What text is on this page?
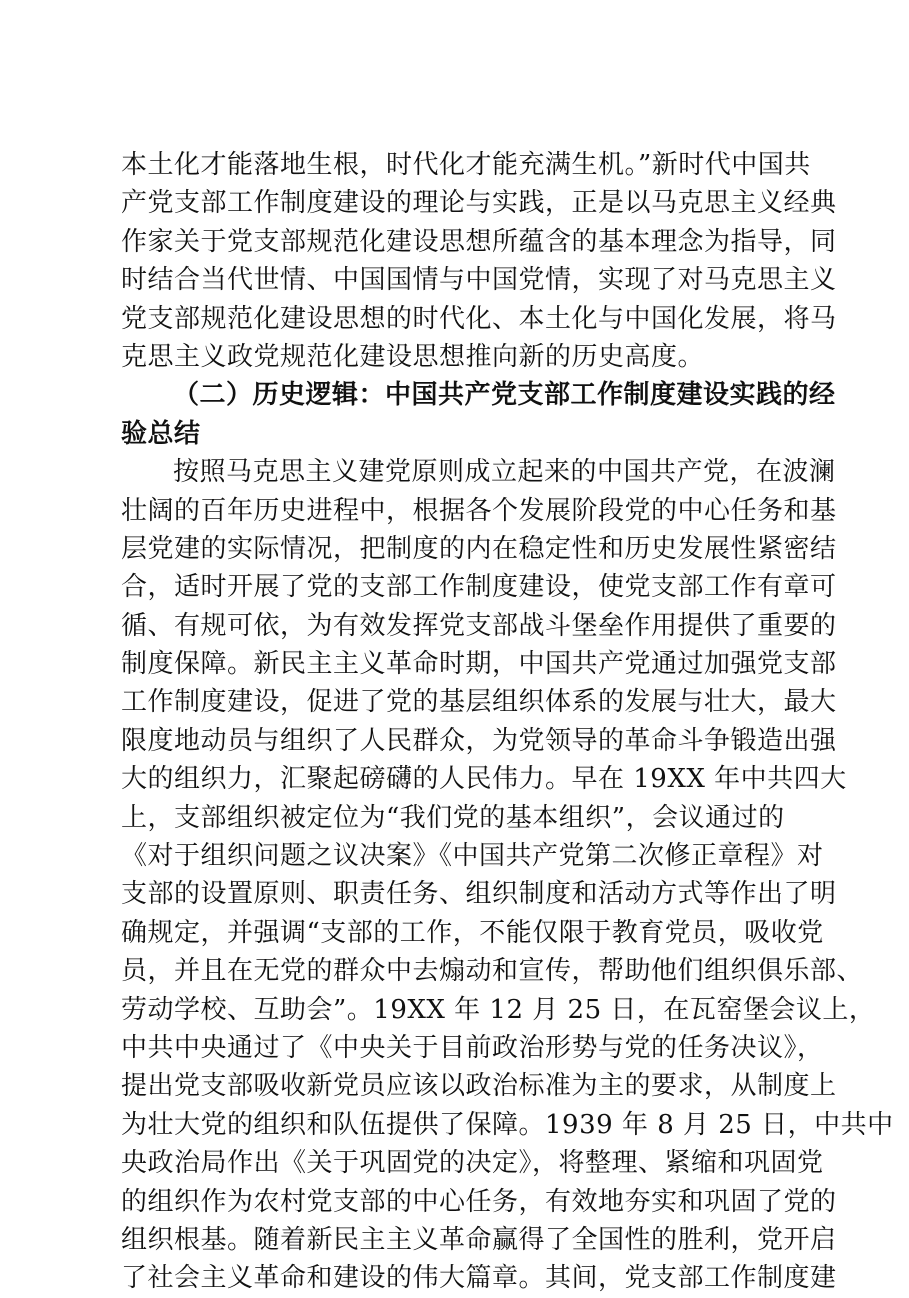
本土化才能落地生根，时代化才能充满生机。”新时代中国共
产党支部工作制度建设的理论与实践，正是以马克思主义经典
作家关于党支部规范化建设思想所蕴含的基本理念为指导，同
时结合当代世情、中国国情与中国党情，实现了对马克思主义
党支部规范化建设思想的时代化、本土化与中国化发展，将马
克思主义政党规范化建设思想推向新的历史高度。
（二）历史逻辑：中国共产党支部工作制度建设实践的经
验总结
按照马克思主义建党原则成立起来的中国共产党，在波澜
壮阔的百年历史进程中，根据各个发展阶段党的中心任务和基
层党建的实际情况，把制度的内在稳定性和历史发展性紧密结
合，适时开展了党的支部工作制度建设，使党支部工作有章可
循、有规可依，为有效发挥党支部战斗堡垒作用提供了重要的
制度保障。新民主主义革命时期，中国共产党通过加强党支部
工作制度建设，促进了党的基层组织体系的发展与壮大，最大
限度地动员与组织了人民群众，为党领导的革命斗争锻造出强
大的组织力，汇聚起磅礴的人民伟力。早在 19XX 年中共四大
上，支部组织被定位为“我们党的基本组织”，会议通过的
《对于组织问题之议决案》《中国共产党第二次修正章程》对
支部的设置原则、职责任务、组织制度和活动方式等作出了明
确规定，并强调“支部的工作，不能仅限于教育党员，吸收党
员，并且在无党的群众中去煽动和宣传，帮助他们组织俱乐部、
劳动学校、互助会”。19XX 年 12 月 25 日，在瓦窑堡会议上，
中共中央通过了《中央关于目前政治形势与党的任务决议》，
提出党支部吸收新党员应该以政治标准为主的要求，从制度上
为壮大党的组织和队伍提供了保障。1939 年 8 月 25 日，中共中
央政治局作出《关于巩固党的决定》，将整理、紧缩和巩固党
的组织作为农村党支部的中心任务，有效地夯实和巩固了党的
组织根基。随着新民主主义革命赢得了全国性的胜利，党开启
了社会主义革命和建设的伟大篇章。其间，党支部工作制度建
